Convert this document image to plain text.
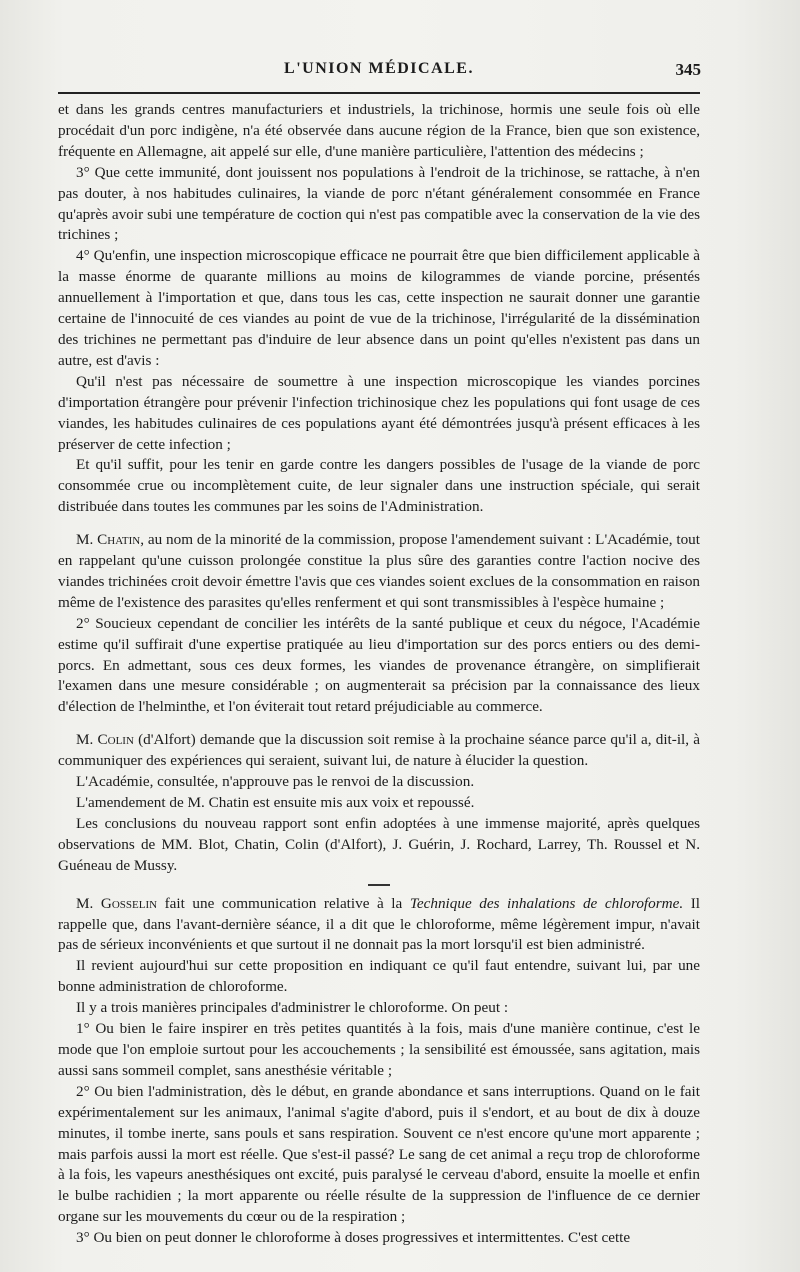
L'UNION MÉDICALE.	345

et dans les grands centres manufacturiers et industriels, la trichinose, hormis une seule fois où elle procédait d'un porc indigène, n'a été observée dans aucune région de la France, bien que son existence, fréquente en Allemagne, ait appelé sur elle, d'une manière particulière, l'attention des médecins ;

3° Que cette immunité, dont jouissent nos populations à l'endroit de la trichinose, se rattache, à n'en pas douter, à nos habitudes culinaires, la viande de porc n'étant généralement consommée en France qu'après avoir subi une température de coction qui n'est pas compatible avec la conservation de la vie des trichines ;

4° Qu'enfin, une inspection microscopique efficace ne pourrait être que bien difficilement applicable à la masse énorme de quarante millions au moins de kilogrammes de viande porcine, présentés annuellement à l'importation et que, dans tous les cas, cette inspection ne saurait donner une garantie certaine de l'innocuité de ces viandes au point de vue de la trichinose, l'irrégularité de la dissémination des trichines ne permettant pas d'induire de leur absence dans un point qu'elles n'existent pas dans un autre, est d'avis :

Qu'il n'est pas nécessaire de soumettre à une inspection microscopique les viandes porcines d'importation étrangère pour prévenir l'infection trichinosique chez les populations qui font usage de ces viandes, les habitudes culinaires de ces populations ayant été démontrées jusqu'à présent efficaces à les préserver de cette infection ;

Et qu'il suffit, pour les tenir en garde contre les dangers possibles de l'usage de la viande de porc consommée crue ou incomplètement cuite, de leur signaler dans une instruction spéciale, qui serait distribuée dans toutes les communes par les soins de l'Administration.

M. Chatin, au nom de la minorité de la commission, propose l'amendement suivant : L'Académie, tout en rappelant qu'une cuisson prolongée constitue la plus sûre des garanties contre l'action nocive des viandes trichinées croit devoir émettre l'avis que ces viandes soient exclues de la consommation en raison même de l'existence des parasites qu'elles renferment et qui sont transmissibles à l'espèce humaine ;

2° Soucieux cependant de concilier les intérêts de la santé publique et ceux du négoce, l'Académie estime qu'il suffirait d'une expertise pratiquée au lieu d'importation sur des porcs entiers ou des demi-porcs. En admettant, sous ces deux formes, les viandes de provenance étrangère, on simplifierait l'examen dans une mesure considérable ; on augmenterait sa précision par la connaissance des lieux d'élection de l'helminthe, et l'on éviterait tout retard préjudiciable au commerce.

M. Colin (d'Alfort) demande que la discussion soit remise à la prochaine séance parce qu'il a, dit-il, à communiquer des expériences qui seraient, suivant lui, de nature à élucider la question.

L'Académie, consultée, n'approuve pas le renvoi de la discussion.

L'amendement de M. Chatin est ensuite mis aux voix et repoussé.

Les conclusions du nouveau rapport sont enfin adoptées à une immense majorité, après quelques observations de MM. Blot, Chatin, Colin (d'Alfort), J. Guérin, J. Rochard, Larrey, Th. Roussel et N. Guéneau de Mussy.

M. Gosselin fait une communication relative à la Technique des inhalations de chloroforme. Il rappelle que, dans l'avant-dernière séance, il a dit que le chloroforme, même légèrement impur, n'avait pas de sérieux inconvénients et que surtout il ne donnait pas la mort lorsqu'il est bien administré.

Il revient aujourd'hui sur cette proposition en indiquant ce qu'il faut entendre, suivant lui, par une bonne administration de chloroforme.

Il y a trois manières principales d'administrer le chloroforme. On peut :

1° Ou bien le faire inspirer en très petites quantités à la fois, mais d'une manière continue, c'est le mode que l'on emploie surtout pour les accouchements ; la sensibilité est émoussée, sans agitation, mais aussi sans sommeil complet, sans anesthésie véritable ;

2° Ou bien l'administration, dès le début, en grande abondance et sans interruptions. Quand on le fait expérimentalement sur les animaux, l'animal s'agite d'abord, puis il s'endort, et au bout de dix à douze minutes, il tombe inerte, sans pouls et sans respiration. Souvent ce n'est encore qu'une mort apparente ; mais parfois aussi la mort est réelle. Que s'est-il passé? Le sang de cet animal a reçu trop de chloroforme à la fois, les vapeurs anesthésiques ont excité, puis paralysé le cerveau d'abord, ensuite la moelle et enfin le bulbe rachidien ; la mort apparente ou réelle résulte de la suppression de l'influence de ce dernier organe sur les mouvements du cœur ou de la respiration ;

3° Ou bien on peut donner le chloroforme à doses progressives et intermittentes. C'est cette
